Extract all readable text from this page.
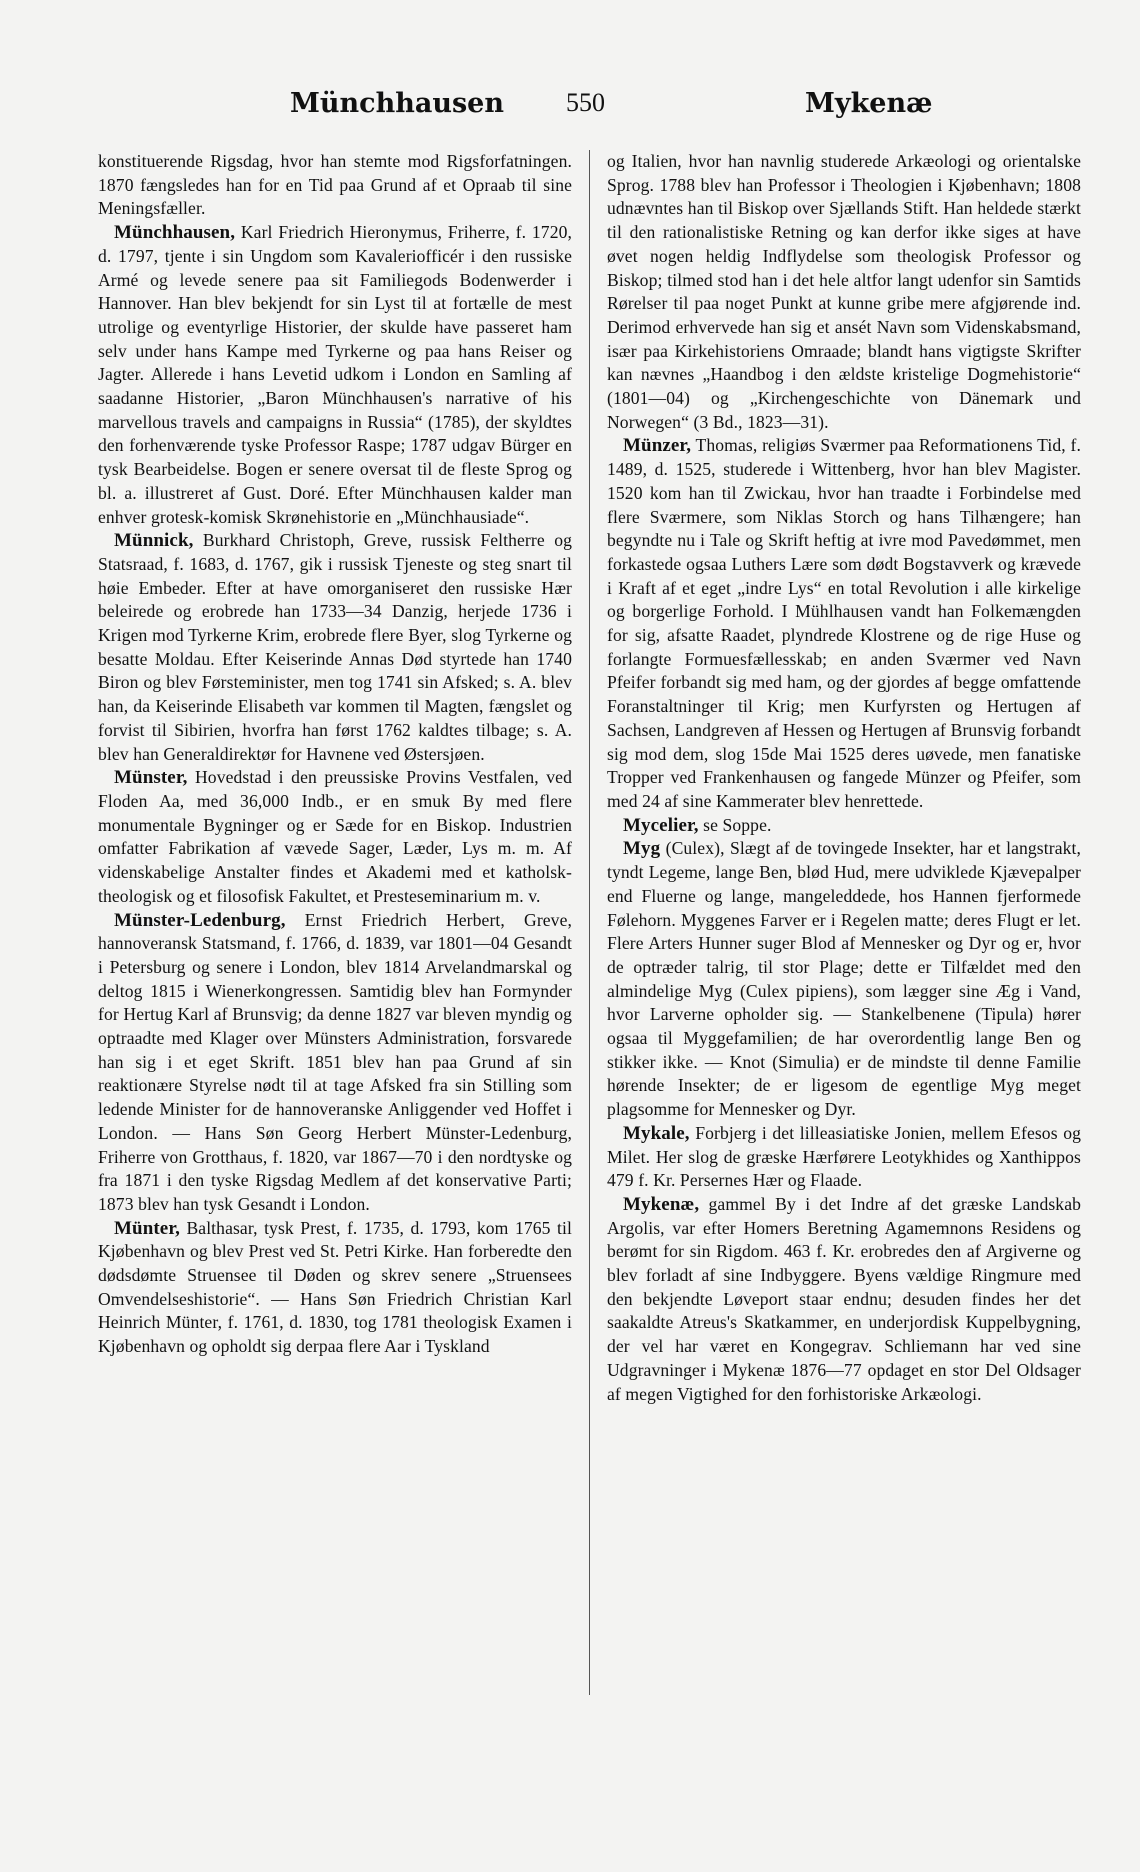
Münchhausen 550	Mykenæ

konstituerende Rigsdag, hvor han stemte mod Rigsforfatningen. 1870 fængsledes han for en Tid paa Grund af et Opraab til sine Meningsfæller.

Münchhausen, Karl Friedrich Hieronymus, Friherre, f. 1720, d. 1797, tjente i sin Ungdom som Kavaleriofficér i den russiske Armé og levede senere paa sit Familiegods Bodenwerder i Hannover. Han blev bekjendt for sin Lyst til at fortælle de mest utrolige og eventyrlige Historier, der skulde have passeret ham selv under hans Kampe med Tyrkerne og paa hans Reiser og Jagter. Allerede i hans Levetid udkom i London en Samling af saadanne Historier, „Baron Münchhausen's narrative of his marvellous travels and campaigns in Russia“ (1785), der skyldtes den forhenværende tyske Professor Raspe; 1787 udgav Bürger en tysk Bearbeidelse. Bogen er senere oversat til de fleste Sprog og bl. a. illustreret af Gust. Doré. Efter Münchhausen kalder man enhver grotesk-komisk Skrønehistorie en „Münchhausiade“.

Münnick, Burkhard Christoph, Greve, russisk Feltherre og Statsraad, f. 1683, d. 1767, gik i russisk Tjeneste og steg snart til høie Embeder. Efter at have omorganiseret den russiske Hær beleirede og erobrede han 1733—34 Danzig, herjede 1736 i Krigen mod Tyrkerne Krim, erobrede flere Byer, slog Tyrkerne og besatte Moldau. Efter Keiserinde Annas Død styrtede han 1740 Biron og blev Førsteminister, men tog 1741 sin Afsked; s. A. blev han, da Keiserinde Elisabeth var kommen til Magten, fængslet og forvist til Sibirien, hvorfra han først 1762 kaldtes tilbage; s. A. blev han Generaldirektør for Havnene ved Østersjøen.

Münster, Hovedstad i den preussiske Provins Vestfalen, ved Floden Aa, med 36,000 Indb., er en smuk By med flere monumentale Bygninger og er Sæde for en Biskop. Industrien omfatter Fabrikation af vævede Sager, Læder, Lys m. m. Af videnskabelige Anstalter findes et Akademi med et katholsk-theologisk og et filosofisk Fakultet, et Presteseminarium m. v.

Münster-Ledenburg, Ernst Friedrich Herbert, Greve, hannoveransk Statsmand, f. 1766, d. 1839, var 1801—04 Gesandt i Petersburg og senere i London, blev 1814 Arvelandmarskal og deltog 1815 i Wienerkongressen. Samtidig blev han Formynder for Hertug Karl af Brunsvig; da denne 1827 var bleven myndig og optraadte med Klager over Münsters Administration, forsvarede han sig i et eget Skrift. 1851 blev han paa Grund af sin reaktionære Styrelse nødt til at tage Afsked fra sin Stilling som ledende Minister for de hannoveranske Anliggender ved Hoffet i London. — Hans Søn Georg Herbert Münster-Ledenburg, Friherre von Grotthaus, f. 1820, var 1867—70 i den nordtyske og fra 1871 i den tyske Rigsdag Medlem af det konservative Parti; 1873 blev han tysk Gesandt i London.

Münter, Balthasar, tysk Prest, f. 1735, d. 1793, kom 1765 til Kjøbenhavn og blev Prest ved St. Petri Kirke. Han forberedte den dødsdømte Struensee til Døden og skrev senere „Struensees Omvendelseshistorie“. — Hans Søn Friedrich Christian Karl Heinrich Münter, f. 1761, d. 1830, tog 1781 theologisk Examen i Kjøbenhavn og opholdt sig derpaa flere Aar i Tyskland

og Italien, hvor han navnlig studerede Arkæologi og orientalske Sprog. 1788 blev han Professor i Theologien i Kjøbenhavn; 1808 udnævntes han til Biskop over Sjællands Stift. Han heldede stærkt til den rationalistiske Retning og kan derfor ikke siges at have øvet nogen heldig Indflydelse som theologisk Professor og Biskop; tilmed stod han i det hele altfor langt udenfor sin Samtids Rørelser til paa noget Punkt at kunne gribe mere afgjørende ind. Derimod erhvervede han sig et ansét Navn som Videnskabsmand, især paa Kirkehistoriens Omraade; blandt hans vigtigste Skrifter kan nævnes „Haandbog i den ældste kristelige Dogmehistorie“ (1801—04) og „Kirchengeschichte von Dänemark und Norwegen“ (3 Bd., 1823—31).

Münzer, Thomas, religiøs Sværmer paa Reformationens Tid, f. 1489, d. 1525, studerede i Wittenberg, hvor han blev Magister. 1520 kom han til Zwickau, hvor han traadte i Forbindelse med flere Sværmere, som Niklas Storch og hans Tilhængere; han begyndte nu i Tale og Skrift heftig at ivre mod Pavedømmet, men forkastede ogsaa Luthers Lære som dødt Bogstavverk og krævede i Kraft af et eget „indre Lys“ en total Revolution i alle kirkelige og borgerlige Forhold. I Mühlhausen vandt han Folkemængden for sig, afsatte Raadet, plyndrede Klostrene og de rige Huse og forlangte Formuesfællesskab; en anden Sværmer ved Navn Pfeifer forbandt sig med ham, og der gjordes af begge omfattende Foranstaltninger til Krig; men Kurfyrsten og Hertugen af Sachsen, Landgreven af Hessen og Hertugen af Brunsvig forbandt sig mod dem, slog 15de Mai 1525 deres uøvede, men fanatiske Tropper ved Frankenhausen og fangede Münzer og Pfeifer, som med 24 af sine Kammerater blev henrettede.

Mycelier, se Soppe.

Myg (Culex), Slægt af de tovingede Insekter, har et langstrakt, tyndt Legeme, lange Ben, blød Hud, mere udviklede Kjævepalper end Fluerne og lange, mangeleddede, hos Hannen fjerformede Følehorn. Myggenes Farver er i Regelen matte; deres Flugt er let. Flere Arters Hunner suger Blod af Mennesker og Dyr og er, hvor de optræder talrig, til stor Plage; dette er Tilfældet med den almindelige Myg (Culex pipiens), som lægger sine Æg i Vand, hvor Larverne opholder sig. — Stankelbenene (Tipula) hører ogsaa til Myggefamilien; de har overordentlig lange Ben og stikker ikke. — Knot (Simulia) er de mindste til denne Familie hørende Insekter; de er ligesom de egentlige Myg meget plagsomme for Mennesker og Dyr.

Mykale, Forbjerg i det lilleasiatiske Jonien, mellem Efesos og Milet. Her slog de græske Hærførere Leotykhides og Xanthippos 479 f. Kr. Persernes Hær og Flaade.

Mykenæ, gammel By i det Indre af det græske Landskab Argolis, var efter Homers Beretning Agamemnons Residens og berømt for sin Rigdom. 463 f. Kr. erobredes den af Argiverne og blev forladt af sine Indbyggere. Byens vældige Ringmure med den bekjendte Løveport staar endnu; desuden findes her det saakaldte Atreus's Skatkammer, en underjordisk Kuppelbygning, der vel har været en Kongegrav. Schliemann har ved sine Udgravninger i Mykenæ 1876—77 opdaget en stor Del Oldsager af megen Vigtighed for den forhistoriske Arkæologi.
